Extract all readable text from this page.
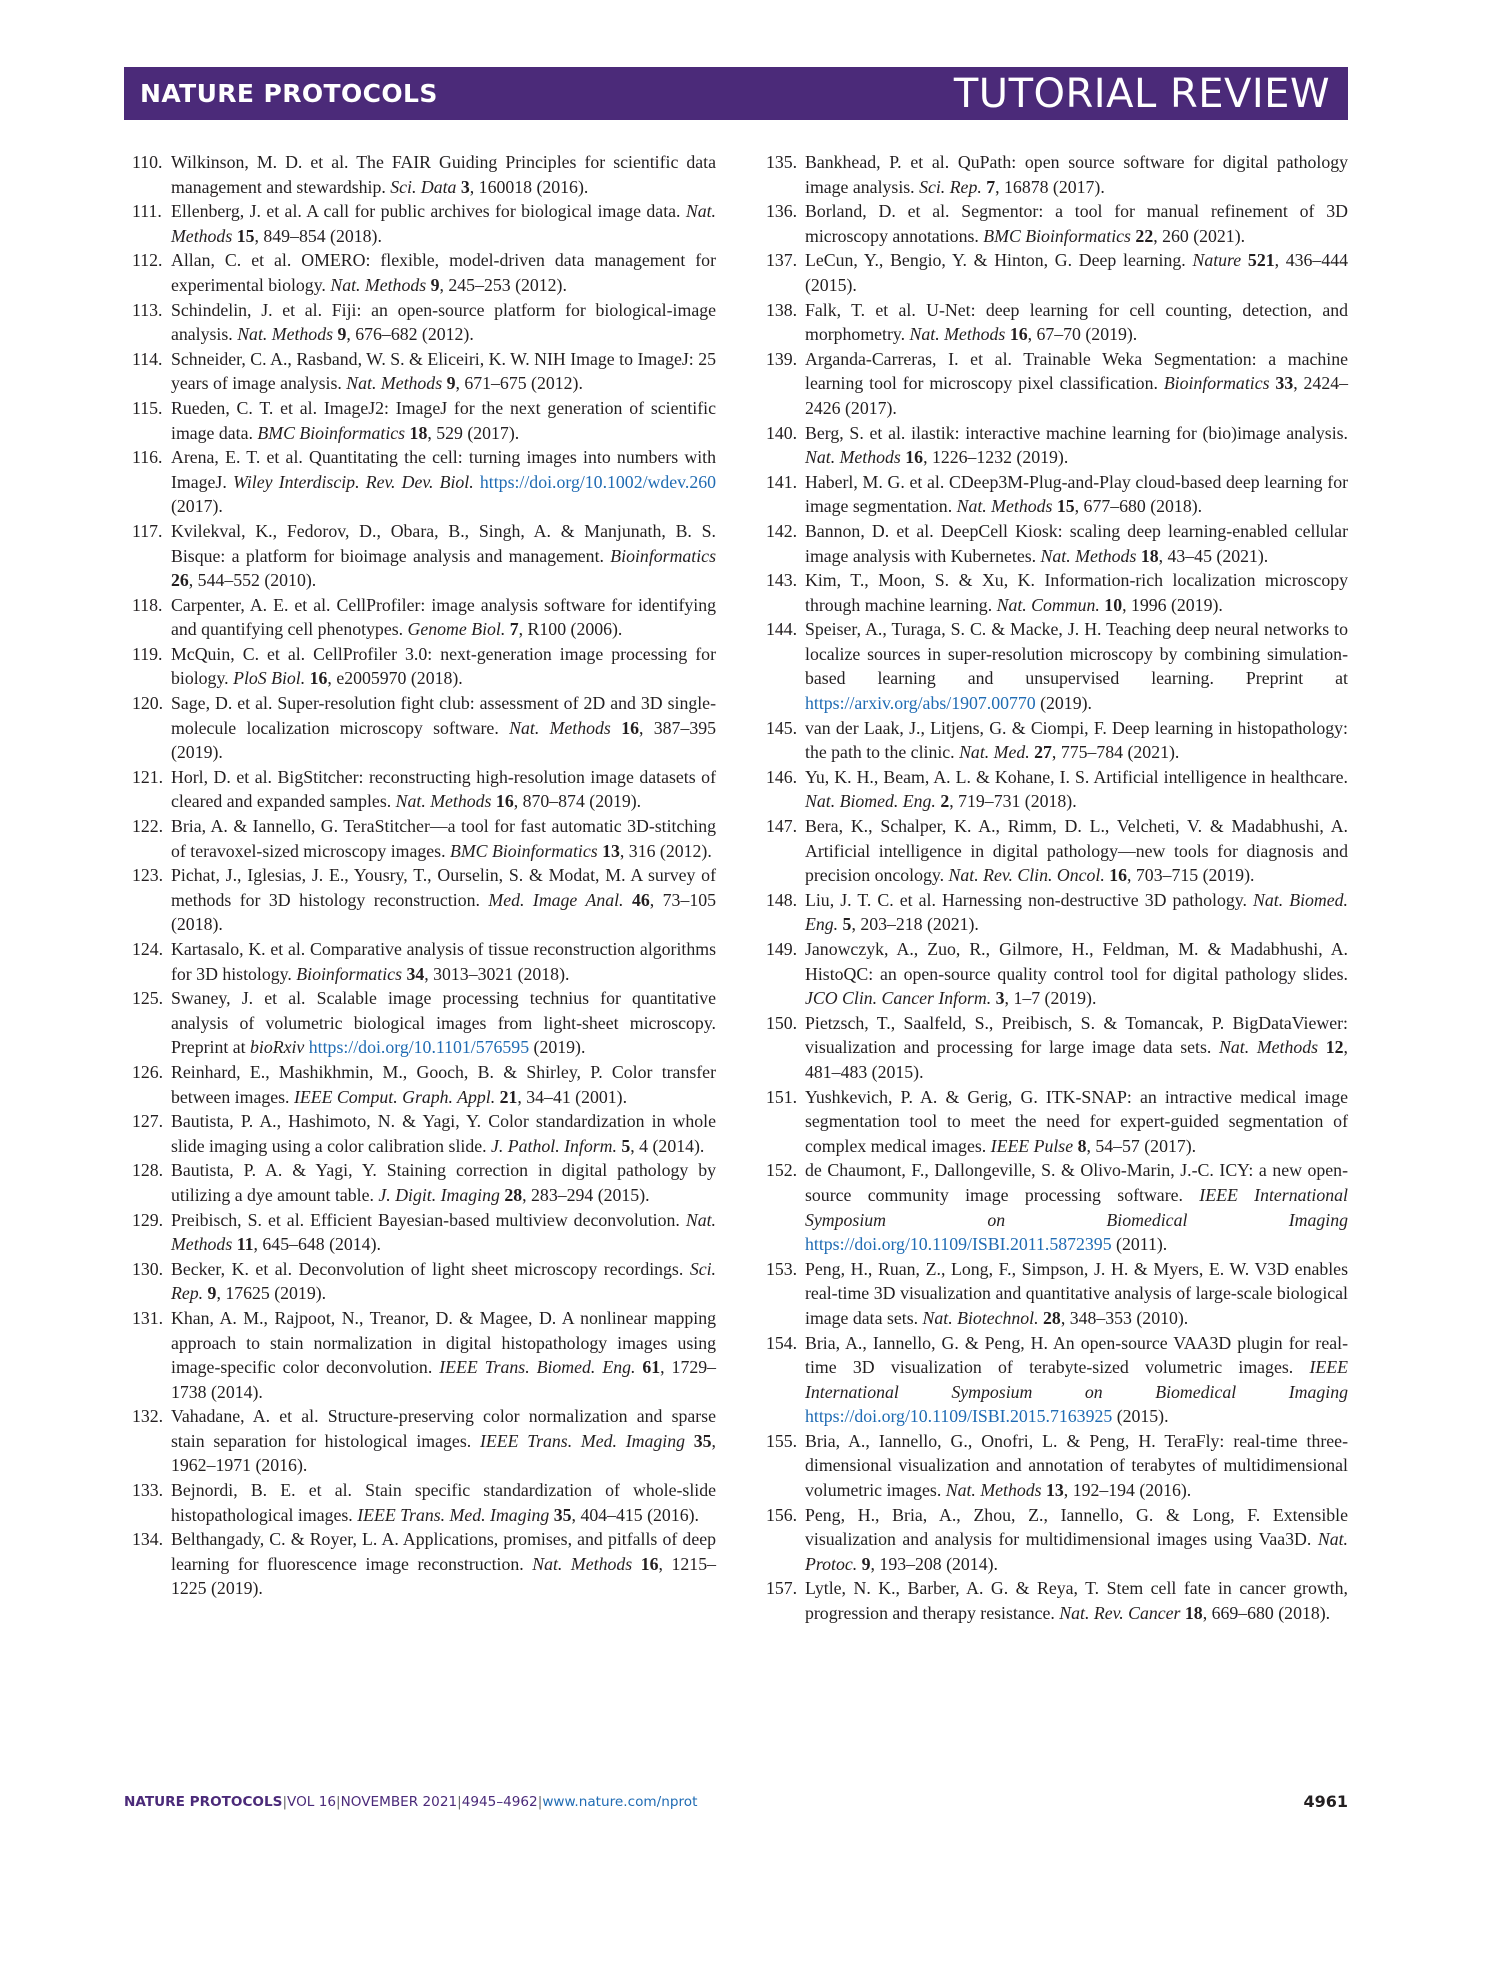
NATURE PROTOCOLS	TUTORIAL REVIEW
110. Wilkinson, M. D. et al. The FAIR Guiding Principles for scientific data management and stewardship. Sci. Data 3, 160018 (2016).
111. Ellenberg, J. et al. A call for public archives for biological image data. Nat. Methods 15, 849–854 (2018).
112. Allan, C. et al. OMERO: flexible, model-driven data management for experimental biology. Nat. Methods 9, 245–253 (2012).
113. Schindelin, J. et al. Fiji: an open-source platform for biological-image analysis. Nat. Methods 9, 676–682 (2012).
114. Schneider, C. A., Rasband, W. S. & Eliceiri, K. W. NIH Image to ImageJ: 25 years of image analysis. Nat. Methods 9, 671–675 (2012).
115. Rueden, C. T. et al. ImageJ2: ImageJ for the next generation of scientific image data. BMC Bioinformatics 18, 529 (2017).
116. Arena, E. T. et al. Quantitating the cell: turning images into numbers with ImageJ. Wiley Interdiscip. Rev. Dev. Biol. https://doi.org/10.1002/wdev.260 (2017).
117. Kvilekval, K., Fedorov, D., Obara, B., Singh, A. & Manjunath, B. S. Bisque: a platform for bioimage analysis and management. Bioinformatics 26, 544–552 (2010).
118. Carpenter, A. E. et al. CellProfiler: image analysis software for identifying and quantifying cell phenotypes. Genome Biol. 7, R100 (2006).
119. McQuin, C. et al. CellProfiler 3.0: next-generation image processing for biology. PloS Biol. 16, e2005970 (2018).
120. Sage, D. et al. Super-resolution fight club: assessment of 2D and 3D single-molecule localization microscopy software. Nat. Methods 16, 387–395 (2019).
121. Horl, D. et al. BigStitcher: reconstructing high-resolution image datasets of cleared and expanded samples. Nat. Methods 16, 870–874 (2019).
122. Bria, A. & Iannello, G. TeraStitcher—a tool for fast automatic 3D-stitching of teravoxel-sized microscopy images. BMC Bioinformatics 13, 316 (2012).
123. Pichat, J., Iglesias, J. E., Yousry, T., Ourselin, S. & Modat, M. A survey of methods for 3D histology reconstruction. Med. Image Anal. 46, 73–105 (2018).
124. Kartasalo, K. et al. Comparative analysis of tissue reconstruction algorithms for 3D histology. Bioinformatics 34, 3013–3021 (2018).
125. Swaney, J. et al. Scalable image processing technius for quantitative analysis of volumetric biological images from light-sheet microscopy. Preprint at bioRxiv https://doi.org/10.1101/576595 (2019).
126. Reinhard, E., Mashikhmin, M., Gooch, B. & Shirley, P. Color transfer between images. IEEE Comput. Graph. Appl. 21, 34–41 (2001).
127. Bautista, P. A., Hashimoto, N. & Yagi, Y. Color standardization in whole slide imaging using a color calibration slide. J. Pathol. Inform. 5, 4 (2014).
128. Bautista, P. A. & Yagi, Y. Staining correction in digital pathology by utilizing a dye amount table. J. Digit. Imaging 28, 283–294 (2015).
129. Preibisch, S. et al. Efficient Bayesian-based multiview deconvolution. Nat. Methods 11, 645–648 (2014).
130. Becker, K. et al. Deconvolution of light sheet microscopy recordings. Sci. Rep. 9, 17625 (2019).
131. Khan, A. M., Rajpoot, N., Treanor, D. & Magee, D. A nonlinear mapping approach to stain normalization in digital histopathology images using image-specific color deconvolution. IEEE Trans. Biomed. Eng. 61, 1729–1738 (2014).
132. Vahadane, A. et al. Structure-preserving color normalization and sparse stain separation for histological images. IEEE Trans. Med. Imaging 35, 1962–1971 (2016).
133. Bejnordi, B. E. et al. Stain specific standardization of whole-slide histopathological images. IEEE Trans. Med. Imaging 35, 404–415 (2016).
134. Belthangady, C. & Royer, L. A. Applications, promises, and pitfalls of deep learning for fluorescence image reconstruction. Nat. Methods 16, 1215–1225 (2019).
135. Bankhead, P. et al. QuPath: open source software for digital pathology image analysis. Sci. Rep. 7, 16878 (2017).
136. Borland, D. et al. Segmentor: a tool for manual refinement of 3D microscopy annotations. BMC Bioinformatics 22, 260 (2021).
137. LeCun, Y., Bengio, Y. & Hinton, G. Deep learning. Nature 521, 436–444 (2015).
138. Falk, T. et al. U-Net: deep learning for cell counting, detection, and morphometry. Nat. Methods 16, 67–70 (2019).
139. Arganda-Carreras, I. et al. Trainable Weka Segmentation: a machine learning tool for microscopy pixel classification. Bioinformatics 33, 2424–2426 (2017).
140. Berg, S. et al. ilastik: interactive machine learning for (bio)image analysis. Nat. Methods 16, 1226–1232 (2019).
141. Haberl, M. G. et al. CDeep3M-Plug-and-Play cloud-based deep learning for image segmentation. Nat. Methods 15, 677–680 (2018).
142. Bannon, D. et al. DeepCell Kiosk: scaling deep learning-enabled cellular image analysis with Kubernetes. Nat. Methods 18, 43–45 (2021).
143. Kim, T., Moon, S. & Xu, K. Information-rich localization microscopy through machine learning. Nat. Commun. 10, 1996 (2019).
144. Speiser, A., Turaga, S. C. & Macke, J. H. Teaching deep neural networks to localize sources in super-resolution microscopy by combining simulation-based learning and unsupervised learning. Preprint at https://arxiv.org/abs/1907.00770 (2019).
145. van der Laak, J., Litjens, G. & Ciompi, F. Deep learning in histopathology: the path to the clinic. Nat. Med. 27, 775–784 (2021).
146. Yu, K. H., Beam, A. L. & Kohane, I. S. Artificial intelligence in healthcare. Nat. Biomed. Eng. 2, 719–731 (2018).
147. Bera, K., Schalper, K. A., Rimm, D. L., Velcheti, V. & Madabhushi, A. Artificial intelligence in digital pathology—new tools for diagnosis and precision oncology. Nat. Rev. Clin. Oncol. 16, 703–715 (2019).
148. Liu, J. T. C. et al. Harnessing non-destructive 3D pathology. Nat. Biomed. Eng. 5, 203–218 (2021).
149. Janowczyk, A., Zuo, R., Gilmore, H., Feldman, M. & Madabhushi, A. HistoQC: an open-source quality control tool for digital pathology slides. JCO Clin. Cancer Inform. 3, 1–7 (2019).
150. Pietzsch, T., Saalfeld, S., Preibisch, S. & Tomancak, P. BigDataViewer: visualization and processing for large image data sets. Nat. Methods 12, 481–483 (2015).
151. Yushkevich, P. A. & Gerig, G. ITK-SNAP: an intractive medical image segmentation tool to meet the need for expert-guided segmentation of complex medical images. IEEE Pulse 8, 54–57 (2017).
152. de Chaumont, F., Dallongeville, S. & Olivo-Marin, J.-C. ICY: a new open-source community image processing software. IEEE International Symposium on Biomedical Imaging https://doi.org/10.1109/ISBI.2011.5872395 (2011).
153. Peng, H., Ruan, Z., Long, F., Simpson, J. H. & Myers, E. W. V3D enables real-time 3D visualization and quantitative analysis of large-scale biological image data sets. Nat. Biotechnol. 28, 348–353 (2010).
154. Bria, A., Iannello, G. & Peng, H. An open-source VAA3D plugin for real-time 3D visualization of terabyte-sized volumetric images. IEEE International Symposium on Biomedical Imaging https://doi.org/10.1109/ISBI.2015.7163925 (2015).
155. Bria, A., Iannello, G., Onofri, L. & Peng, H. TeraFly: real-time three-dimensional visualization and annotation of terabytes of multidimensional volumetric images. Nat. Methods 13, 192–194 (2016).
156. Peng, H., Bria, A., Zhou, Z., Iannello, G. & Long, F. Extensible visualization and analysis for multidimensional images using Vaa3D. Nat. Protoc. 9, 193–208 (2014).
157. Lytle, N. K., Barber, A. G. & Reya, T. Stem cell fate in cancer growth, progression and therapy resistance. Nat. Rev. Cancer 18, 669–680 (2018).
NATURE PROTOCOLS|VOL 16|NOVEMBER 2021|4945–4962|www.nature.com/nprot	4961
